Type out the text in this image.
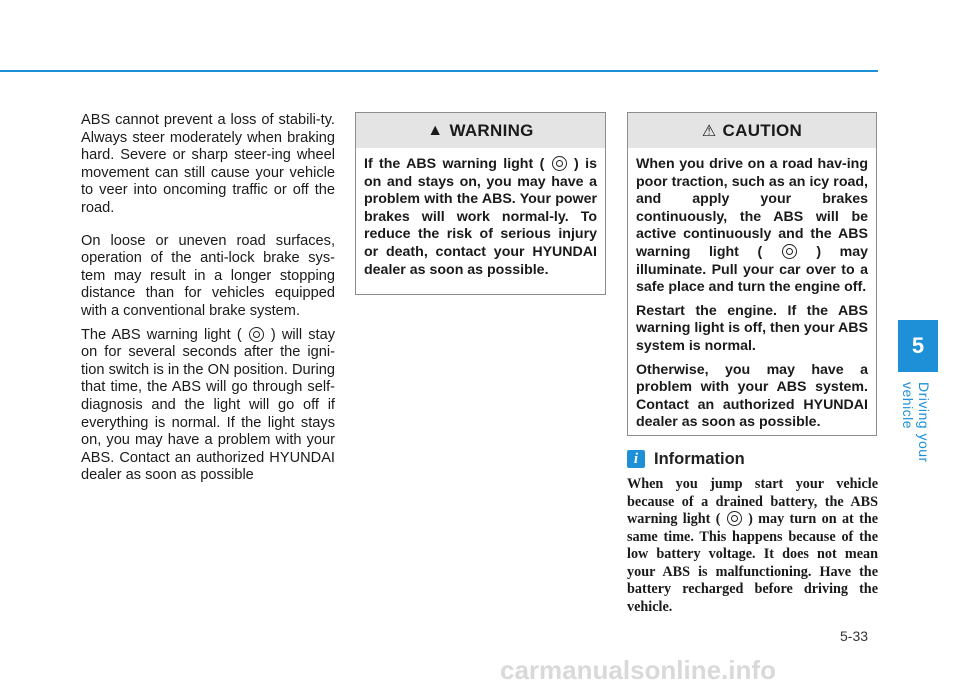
5
Driving your vehicle

ABS cannot prevent a loss of stabili-ty. Always steer moderately when braking hard. Severe or sharp steer-ing wheel movement can still cause your vehicle to veer into oncoming traffic or off the road.

On loose or uneven road surfaces, operation of the anti-lock brake sys-tem may result in a longer stopping distance than for vehicles equipped with a conventional brake system.

The ABS warning light ( ) will stay on for several seconds after the igni-tion switch is in the ON position. During that time, the ABS will go through self-diagnosis and the light will go off if everything is normal. If the light stays on, you may have a problem with your ABS. Contact an authorized HYUNDAI dealer as soon as possible

▲ WARNING

If the ABS warning light ( ) is on and stays on, you may have a problem with the ABS. Your power brakes will work normal-ly. To reduce the risk of serious injury or death, contact your HYUNDAI dealer as soon as possible.

⚠ CAUTION

When you drive on a road hav-ing poor traction, such as an icy road, and apply your brakes continuously, the ABS will be active continuously and the ABS warning light (	) may illuminate. Pull your car over to a safe place and turn the engine off.

Restart the engine. If the ABS warning light is off, then your ABS system is normal.

Otherwise, you may have a problem with your ABS system. Contact an authorized HYUNDAI dealer as soon as possible.

i Information

When you jump start your vehicle because of a drained battery, the ABS warning light ( ) may turn on at the same time. This happens because of the low battery voltage. It does not mean your ABS is malfunctioning. Have the battery recharged before driving the vehicle.

5-33
carmanualsonline.info
